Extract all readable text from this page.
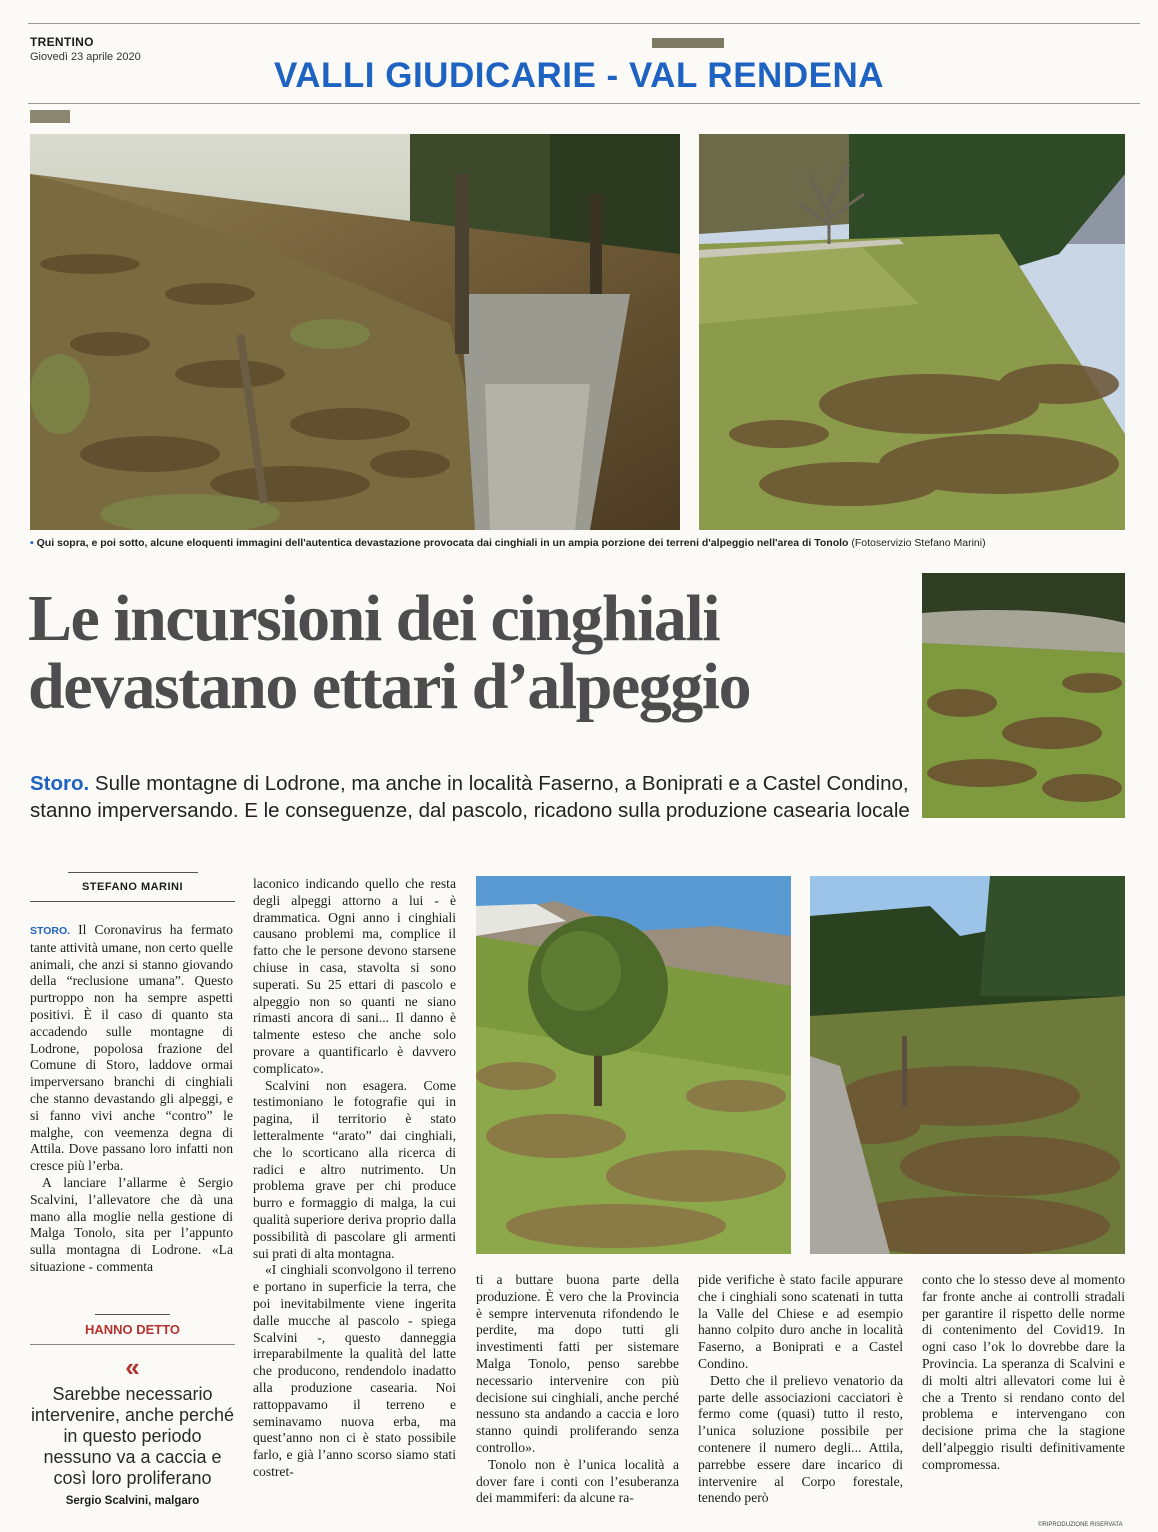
TRENTINO
Giovedì 23 aprile 2020	VALLI GIUDICARIE - VAL RENDENA
• Qui sopra, e poi sotto, alcune eloquenti immagini dell'autentica devastazione provocata dai cinghiali in un ampia porzione dei terreni d'alpeggio nell'area di Tonolo (Fotoservizio Stefano Marini)
Le incursioni dei cinghiali
devastano ettari d’alpeggio
Storo. Sulle montagne di Lodrone, ma anche in località Faserno, a Boniprati e a Castel Condino, stanno imperversando. E le conseguenze, dal pascolo, ricadono sulla produzione casearia locale
STEFANO MARINI

STORO. Il Coronavirus ha fermato tante attività umane, non certo quelle animali, che anzi si stanno giovando della “reclusione umana”. Questo purtroppo non ha sempre aspetti positivi. È il caso di quanto sta accadendo sulle montagne di Lodrone, popolosa frazione del Comune di Storo, laddove ormai imperversano branchi di cinghiali che stanno devastando gli alpeggi, e si fanno vivi anche “contro” le malghe, con veemenza degna di Attila. Dove passano loro infatti non cresce più l’erba.

A lanciare l’allarme è Sergio Scalvini, l’allevatore che dà una mano alla moglie nella gestione di Malga Tonolo, sita per l’appunto sulla montagna di Lodrone. «La situazione - commenta

HANNO DETTO
«
Sarebbe necessario intervenire, anche perché in questo periodo nessuno va a caccia e così loro proliferano
Sergio Scalvini, malgaro

laconico indicando quello che resta degli alpeggi attorno a lui - è drammatica. Ogni anno i cinghiali causano problemi ma, complice il fatto che le persone devono starsene chiuse in casa, stavolta si sono superati. Su 25 ettari di pascolo e alpeggio non so quanti ne siano rimasti ancora di sani... Il danno è talmente esteso che anche solo provare a quantificarlo è davvero complicato».

Scalvini non esagera. Come testimoniano le fotografie qui in pagina, il territorio è stato letteralmente “arato” dai cinghiali, che lo scorticano alla ricerca di radici e altro nutrimento. Un problema grave per chi produce burro e formaggio di malga, la cui qualità superiore deriva proprio dalla possibilità di pascolare gli armenti sui prati di alta montagna.

«I cinghiali sconvolgono il terreno e portano in superficie la terra, che poi inevitabilmente viene ingerita dalle mucche al pascolo - spiega Scalvini -, questo danneggia irreparabilmente la qualità del latte che producono, rendendolo inadatto alla produzione casearia. Noi rattoppavamo il terreno e seminavamo nuova erba, ma quest’anno non ci è stato possibile farlo, e già l’anno scorso siamo stati costret-

ti a buttare buona parte della produzione. È vero che la Provincia è sempre intervenuta rifondendo le perdite, ma dopo tutti gli investimenti fatti per sistemare Malga Tonolo, penso sarebbe necessario intervenire con più decisione sui cinghiali, anche perché nessuno sta andando a caccia e loro stanno quindi proliferando senza controllo».

Tonolo non è l’unica località a dover fare i conti con l’esuberanza dei mammiferi: da alcune ra-

pide verifiche è stato facile appurare che i cinghiali sono scatenati in tutta la Valle del Chiese e ad esempio hanno colpito duro anche in località Faserno, a Boniprati e a Castel Condino.

Detto che il prelievo venatorio da parte delle associazioni cacciatori è fermo come (quasi) tutto il resto, l’unica soluzione possibile per contenere il numero degli... Attila, parrebbe essere dare incarico di intervenire al Corpo forestale, tenendo però

conto che lo stesso deve al momento far fronte anche ai controlli stradali per garantire il rispetto delle norme di contenimento del Covid19. In ogni caso l’ok lo dovrebbe dare la Provincia. La speranza di Scalvini e di molti altri allevatori come lui è che a Trento si rendano conto del problema e intervengano con decisione prima che la stagione dell’alpeggio risulti definitivamente compromessa.

©RIPRODUZIONE RISERVATA
